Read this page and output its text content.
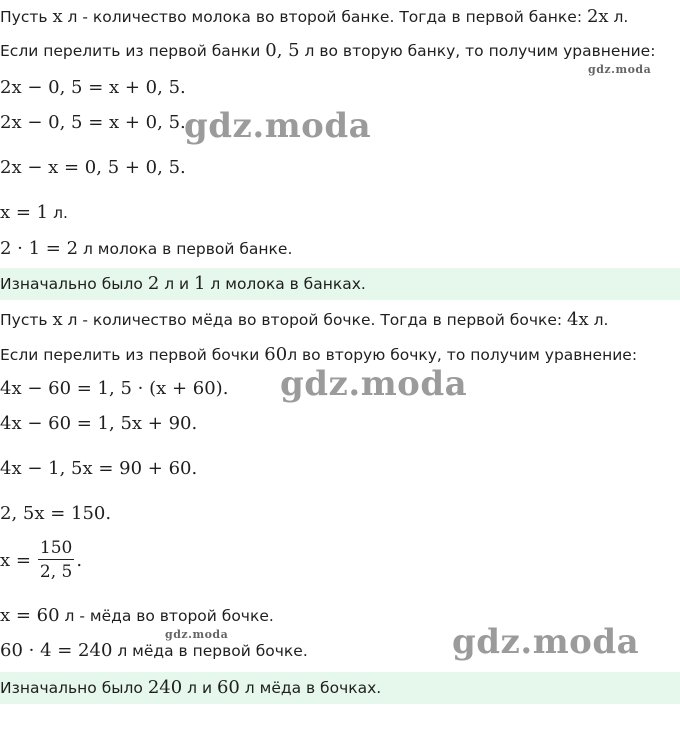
Пусть x л - количество молока во второй банке. Тогда в первой банке: 2x л.
Если перелить из первой банки 0, 5 л во вторую банку, то получим уравнение:
2x − 0, 5 = x + 0, 5.
2x − 0, 5 = x + 0, 5.
2x − x = 0, 5 + 0, 5.
x = 1 л.
2 · 1 = 2 л молока в первой банке.
Изначально было 2 л и 1 л молока в банках.
Пусть x л - количество мёда во второй бочке. Тогда в первой бочке: 4x л.
Если перелить из первой бочки 60л во вторую бочку, то получим уравнение:
4x − 60 = 1, 5 · (x + 60).
4x − 60 = 1, 5x + 90.
4x − 1, 5x = 90 + 60.
2, 5x = 150.
$x = \frac{150}{2, 5}$ .
x = 60 л - мёда во второй бочке.
60 · 4 = 240 л мёда в первой бочке.
Изначально было 240 л и 60 л мёда в бочках.
gdz.moda
gdz.moda
gdz.moda
gdz.moda	gdz.moda
